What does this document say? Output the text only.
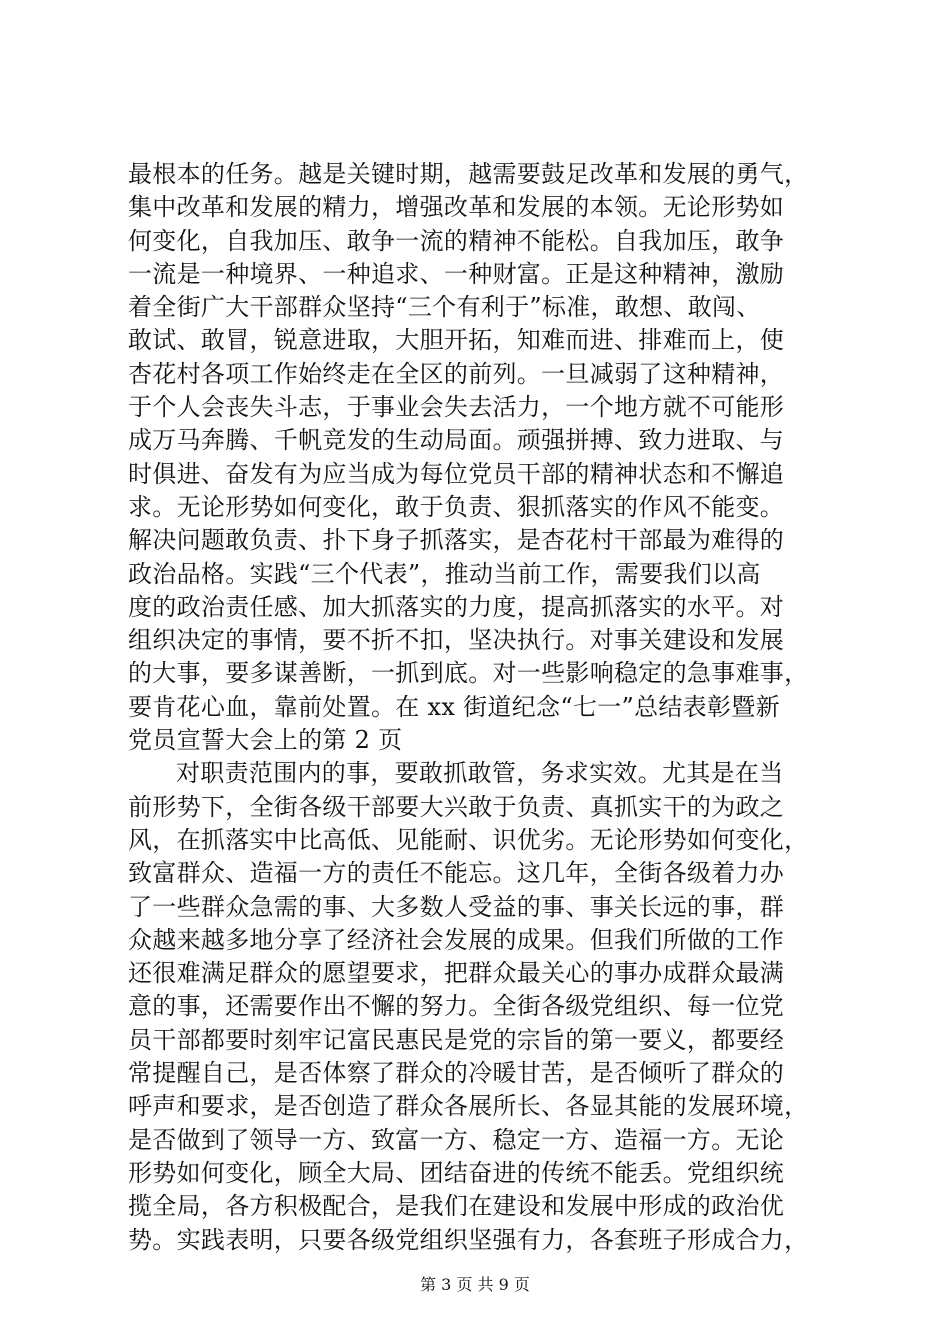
最根本的任务。越是关键时期，越需要鼓足改革和发展的勇气，
集中改革和发展的精力，增强改革和发展的本领。无论形势如
何变化，自我加压、敢争一流的精神不能松。自我加压，敢争
一流是一种境界、一种追求、一种财富。正是这种精神，激励
着全街广大干部群众坚持“三个有利于”标准，敢想、敢闯、
敢试、敢冒，锐意进取，大胆开拓，知难而进、排难而上，使
杏花村各项工作始终走在全区的前列。一旦减弱了这种精神，
于个人会丧失斗志，于事业会失去活力，一个地方就不可能形
成万马奔腾、千帆竞发的生动局面。顽强拼搏、致力进取、与
时俱进、奋发有为应当成为每位党员干部的精神状态和不懈追
求。无论形势如何变化，敢于负责、狠抓落实的作风不能变。
解决问题敢负责、扑下身子抓落实，是杏花村干部最为难得的
政治品格。实践“三个代表”，推动当前工作，需要我们以高
度的政治责任感、加大抓落实的力度，提高抓落实的水平。对
组织决定的事情，要不折不扣，坚决执行。对事关建设和发展
的大事，要多谋善断，一抓到底。对一些影响稳定的急事难事，
要肯花心血，靠前处置。在 xx 街道纪念“七一”总结表彰暨新
党员宣誓大会上的第 2 页
对职责范围内的事，要敢抓敢管，务求实效。尤其是在当
前形势下，全街各级干部要大兴敢于负责、真抓实干的为政之
风，在抓落实中比高低、见能耐、识优劣。无论形势如何变化，
致富群众、造福一方的责任不能忘。这几年，全街各级着力办
了一些群众急需的事、大多数人受益的事、事关长远的事，群
众越来越多地分享了经济社会发展的成果。但我们所做的工作
还很难满足群众的愿望要求，把群众最关心的事办成群众最满
意的事，还需要作出不懈的努力。全街各级党组织、每一位党
员干部都要时刻牢记富民惠民是党的宗旨的第一要义，都要经
常提醒自己，是否体察了群众的冷暖甘苦，是否倾听了群众的
呼声和要求，是否创造了群众各展所长、各显其能的发展环境，
是否做到了领导一方、致富一方、稳定一方、造福一方。无论
形势如何变化，顾全大局、团结奋进的传统不能丢。党组织统
揽全局，各方积极配合，是我们在建设和发展中形成的政治优
势。实践表明，只要各级党组织坚强有力，各套班子形成合力，
第 3 页 共 9 页
